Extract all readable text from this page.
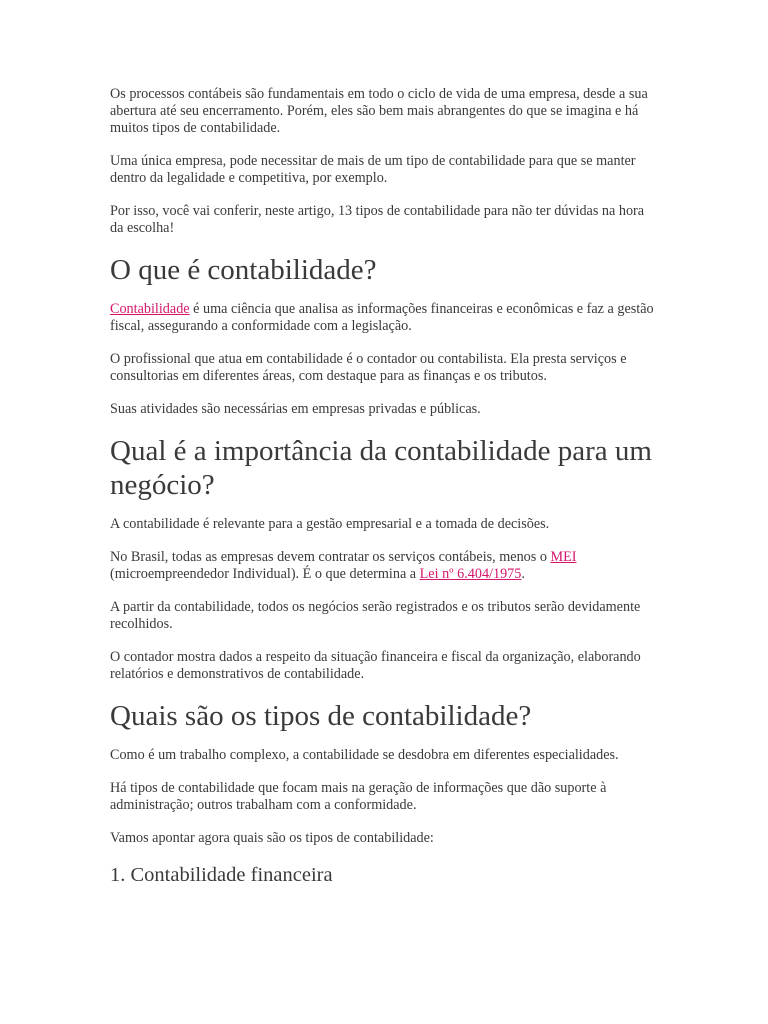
Os processos contábeis são fundamentais em todo o ciclo de vida de uma empresa, desde a sua abertura até seu encerramento. Porém, eles são bem mais abrangentes do que se imagina e há muitos tipos de contabilidade.

Uma única empresa, pode necessitar de mais de um tipo de contabilidade para que se manter dentro da legalidade e competitiva, por exemplo.

Por isso, você vai conferir, neste artigo, 13 tipos de contabilidade para não ter dúvidas na hora da escolha!

O que é contabilidade?

Contabilidade é uma ciência que analisa as informações financeiras e econômicas e faz a gestão fiscal, assegurando a conformidade com a legislação.

O profissional que atua em contabilidade é o contador ou contabilista. Ela presta serviços e consultorias em diferentes áreas, com destaque para as finanças e os tributos.

Suas atividades são necessárias em empresas privadas e públicas.

Qual é a importância da contabilidade para um negócio?

A contabilidade é relevante para a gestão empresarial e a tomada de decisões.

No Brasil, todas as empresas devem contratar os serviços contábeis, menos o MEI (microempreendedor Individual). É o que determina a Lei nº 6.404/1975.

A partir da contabilidade, todos os negócios serão registrados e os tributos serão devidamente recolhidos.

O contador mostra dados a respeito da situação financeira e fiscal da organização, elaborando relatórios e demonstrativos de contabilidade.

Quais são os tipos de contabilidade?

Como é um trabalho complexo, a contabilidade se desdobra em diferentes especialidades.

Há tipos de contabilidade que focam mais na geração de informações que dão suporte à administração; outros trabalham com a conformidade.

Vamos apontar agora quais são os tipos de contabilidade:

1. Contabilidade financeira
